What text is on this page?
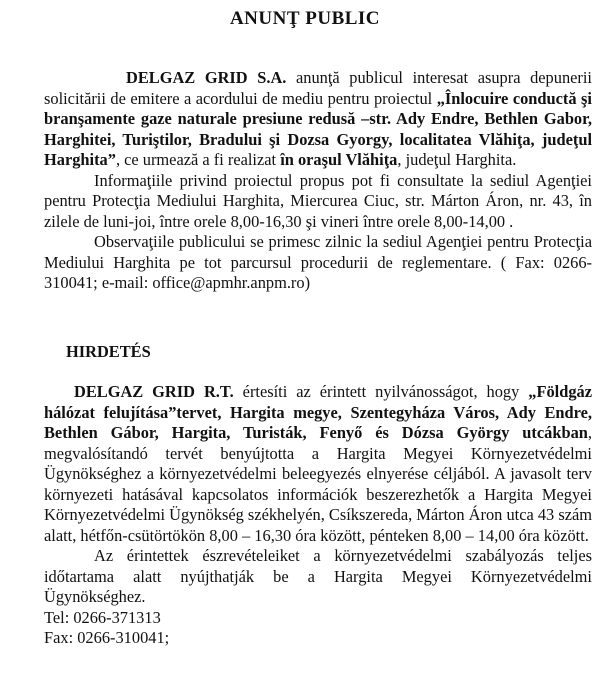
ANUNŢ PUBLIC

DELGAZ GRID S.A. anunţă publicul interesat asupra depunerii solicitării de emitere a acordului de mediu pentru proiectul „Înlocuire conductă şi branşamente gaze naturale presiune redusă –str. Ady Endre, Bethlen Gabor, Harghitei, Turiştilor, Bradului şi Dozsa Gyorgy, localitatea Vlăhiţa, judeţul Harghita”, ce urmează a fi realizat în oraşul Vlăhiţa, judeţul Harghita.

Informaţiile privind proiectul propus pot fi consultate la sediul Agenţiei pentru Protecţia Mediului Harghita, Miercurea Ciuc, str. Márton Áron, nr. 43, în zilele de luni-joi, între orele 8,00-16,30 şi vineri între orele 8,00-14,00 .

Observaţiile publicului se primesc zilnic la sediul Agenţiei pentru Protecţia Mediului Harghita pe tot parcursul procedurii de reglementare. ( Fax: 0266-310041; e-mail: office@apmhr.anpm.ro)

HIRDETÉS

DELGAZ GRID R.T. értesíti az érintett nyilvánosságot, hogy „Földgáz hálózat felujítása”tervet, Hargita megye, Szentegyháza Város, Ady Endre, Bethlen Gábor, Hargita, Turisták, Fenyő és Dózsa György utcákban, megvalósítandó tervét benyújtotta a Hargita Megyei Környezetvédelmi Ügynökséghez a környezetvédelmi beleegyezés elnyerése céljából. A javasolt terv környezeti hatásával kapcsolatos információk beszerezhetők a Hargita Megyei Környezetvédelmi Ügynökség székhelyén, Csíkszereda, Márton Áron utca 43 szám alatt, hétfőn-csütörtökön 8,00 – 16,30 óra között, pénteken 8,00 – 14,00 óra között.

Az érintettek észrevételeiket a környezetvédelmi szabályozás teljes időtartama alatt nyújthatják be a Hargita Megyei Környezetvédelmi Ügynökséghez.

Tel: 0266-371313
Fax: 0266-310041;
